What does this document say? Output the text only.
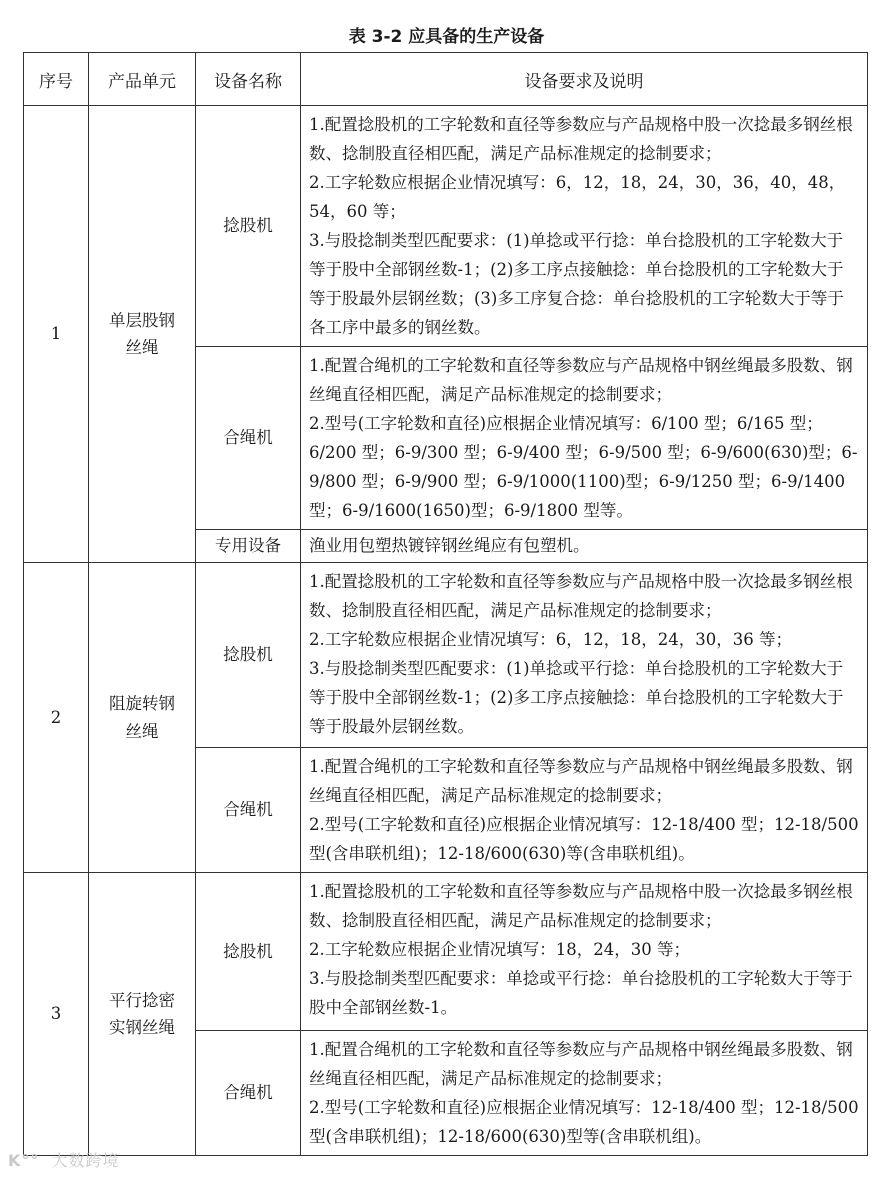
表 3-2 应具备的生产设备
序号	产品单元	设备名称	设备要求及说明
1	单层股钢丝绳	捻股机	1.配置捻股机的工字轮数和直径等参数应与产品规格中股一次捻最多钢丝根数、捻制股直径相匹配，满足产品标准规定的捻制要求；

2.工字轮数应根据企业情况填写：6，12，18，24，30，36，40，48，54，60 等；

3.与股捻制类型匹配要求：(1)单捻或平行捻：单台捻股机的工字轮数大于等于股中全部钢丝数-1；(2)多工序点接触捻：单台捻股机的工字轮数大于等于股最外层钢丝数；(3)多工序复合捻：单台捻股机的工字轮数大于等于各工序中最多的钢丝数。

		合绳机	1.配置合绳机的工字轮数和直径等参数应与产品规格中钢丝绳最多股数、钢丝绳直径相匹配，满足产品标准规定的捻制要求；

2.型号(工字轮数和直径)应根据企业情况填写：6/100 型；6/165 型；6/200 型；6-9/300 型；6-9/400 型；6-9/500 型；6-9/600(630)型；6-9/800 型；6-9/900 型；6-9/1000(1100)型；6-9/1250 型；6-9/1400 型；6-9/1600(1650)型；6-9/1800 型等。

		专用设备	渔业用包塑热镀锌钢丝绳应有包塑机。

2	阻旋转钢丝绳	捻股机	1.配置捻股机的工字轮数和直径等参数应与产品规格中股一次捻最多钢丝根数、捻制股直径相匹配，满足产品标准规定的捻制要求；

2.工字轮数应根据企业情况填写：6，12，18，24，30，36 等；

3.与股捻制类型匹配要求：(1)单捻或平行捻：单台捻股机的工字轮数大于等于股中全部钢丝数-1；(2)多工序点接触捻：单台捻股机的工字轮数大于等于股最外层钢丝数。

		合绳机	1.配置合绳机的工字轮数和直径等参数应与产品规格中钢丝绳最多股数、钢丝绳直径相匹配，满足产品标准规定的捻制要求；

2.型号(工字轮数和直径)应根据企业情况填写：12-18/400 型；12-18/500 型(含串联机组)；12-18/600(630)等(含串联机组)。

3	平行捻密实钢丝绳	捻股机	1.配置捻股机的工字轮数和直径等参数应与产品规格中股一次捻最多钢丝根数、捻制股直径相匹配，满足产品标准规定的捻制要求；

2.工字轮数应根据企业情况填写：18，24，30 等；

3.与股捻制类型匹配要求：单捻或平行捻：单台捻股机的工字轮数大于等于股中全部钢丝数-1。

		合绳机	1.配置合绳机的工字轮数和直径等参数应与产品规格中钢丝绳最多股数、钢丝绳直径相匹配，满足产品标准规定的捻制要求；

2.型号(工字轮数和直径)应根据企业情况填写：12-18/400 型；12-18/500 型(含串联机组)；12-18/600(630)型等(含串联机组)。

K°° 大数跨境
